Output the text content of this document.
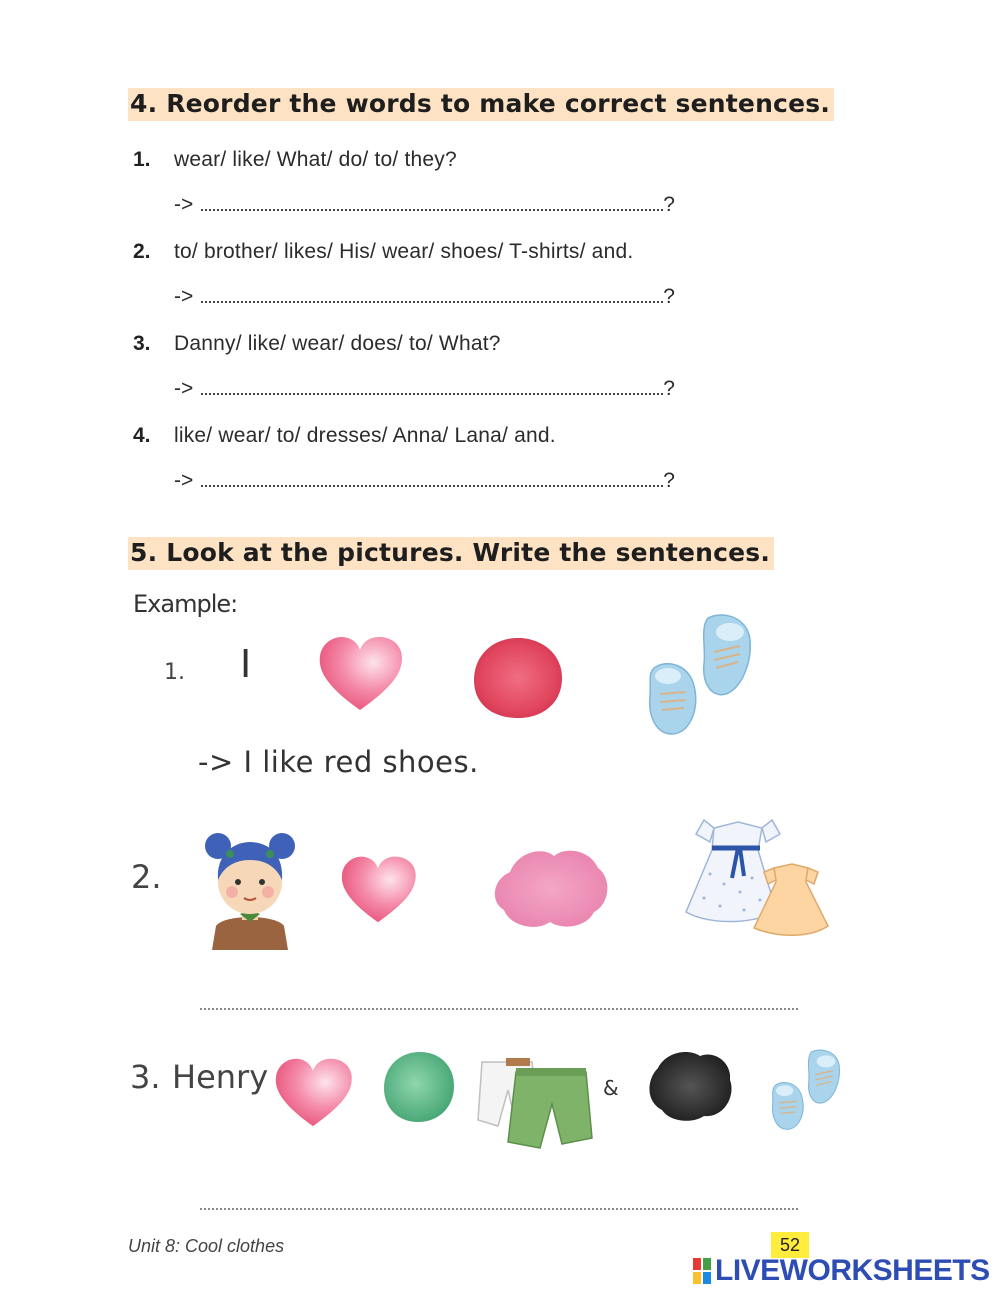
4. Reorder the words to make correct sentences.
1. wear/ like/ What/ do/ to/ they?
->	?
2. to/ brother/ likes/ His/ wear/ shoes/ T-shirts/ and.
->	?
3. Danny/ like/ wear/ does/ to/ What?
->	?
4. like/ wear/ to/ dresses/ Anna/ Lana/ and.
->	?
5. Look at the pictures. Write the sentences.
Example:
1. I
-> I like red shoes.
2.
3. Henry	&
Unit 8: Cool clothes	52
LIVEWORKSHEETS
